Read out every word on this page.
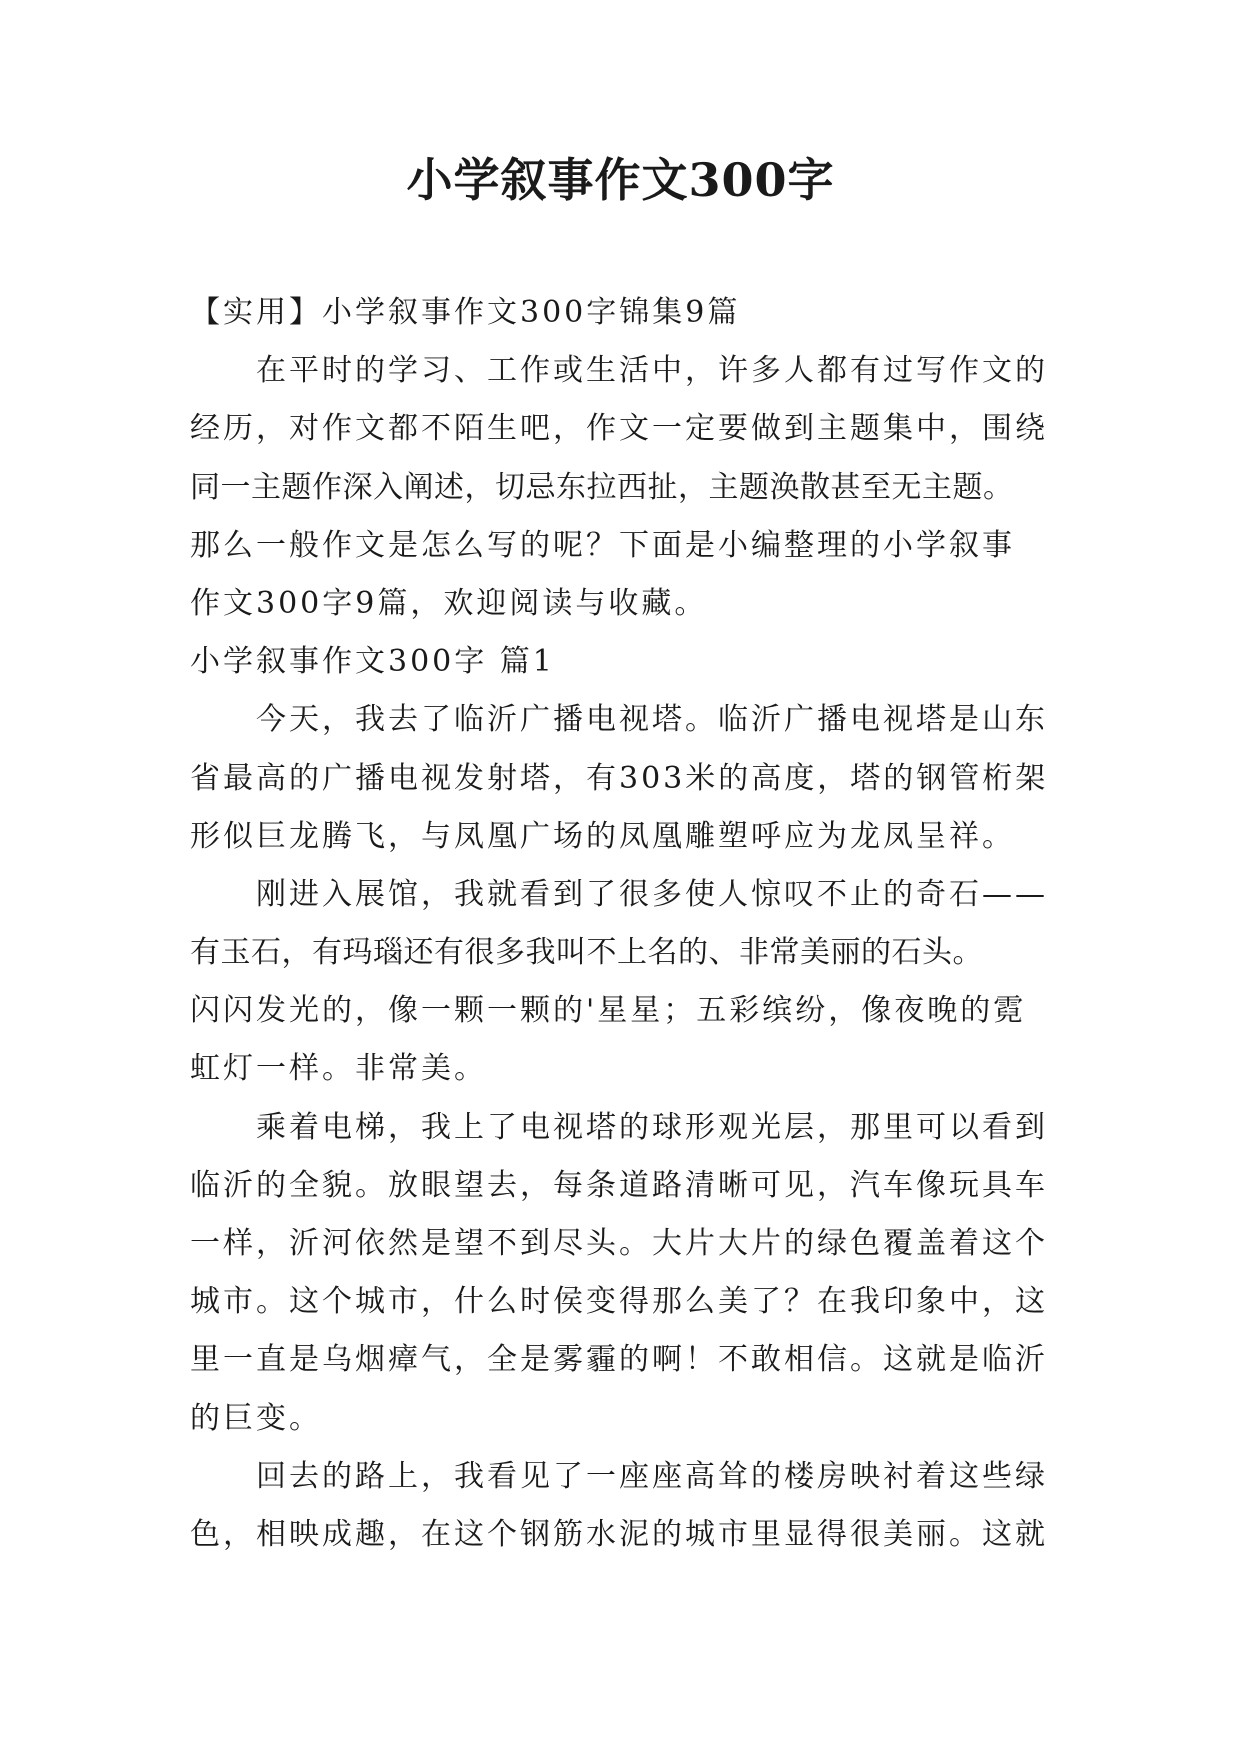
小学叙事作文300字
【实用】小学叙事作文300字锦集9篇
在平时的学习、工作或生活中，许多人都有过写作文的
经历，对作文都不陌生吧，作文一定要做到主题集中，围绕
同一主题作深入阐述，切忌东拉西扯，主题涣散甚至无主题。
那么一般作文是怎么写的呢？下面是小编整理的小学叙事
作文300字9篇，欢迎阅读与收藏。
小学叙事作文300字 篇1
今天，我去了临沂广播电视塔。临沂广播电视塔是山东
省最高的广播电视发射塔，有303米的高度，塔的钢管桁架
形似巨龙腾飞，与凤凰广场的凤凰雕塑呼应为龙凤呈祥。
刚进入展馆，我就看到了很多使人惊叹不止的奇石——
有玉石，有玛瑙还有很多我叫不上名的、非常美丽的石头。
闪闪发光的，像一颗一颗的'星星；五彩缤纷，像夜晚的霓
虹灯一样。非常美。
乘着电梯，我上了电视塔的球形观光层，那里可以看到
临沂的全貌。放眼望去，每条道路清晰可见，汽车像玩具车
一样，沂河依然是望不到尽头。大片大片的绿色覆盖着这个
城市。这个城市，什么时侯变得那么美了？在我印象中，这
里一直是乌烟瘴气，全是雾霾的啊！不敢相信。这就是临沂
的巨变。
回去的路上，我看见了一座座高耸的楼房映衬着这些绿
色，相映成趣，在这个钢筋水泥的城市里显得很美丽。这就
